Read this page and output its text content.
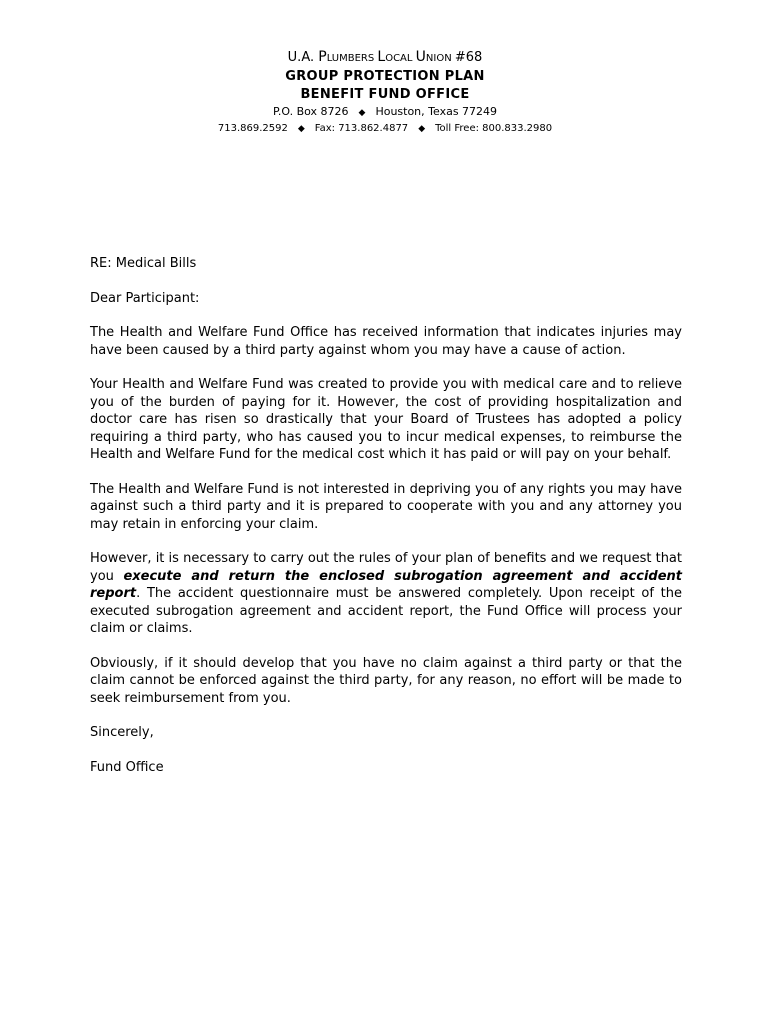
U.A. PLUMBERS LOCAL UNION #68
GROUP PROTECTION PLAN
BENEFIT FUND OFFICE
P.O. Box 8726 ◆ Houston, Texas 77249
713.869.2592 ◆ Fax: 713.862.4877 ◆ Toll Free: 800.833.2980

RE: Medical Bills

Dear Participant:

The Health and Welfare Fund Office has received information that indicates injuries may have been caused by a third party against whom you may have a cause of action.

Your Health and Welfare Fund was created to provide you with medical care and to relieve you of the burden of paying for it. However, the cost of providing hospitalization and doctor care has risen so drastically that your Board of Trustees has adopted a policy requiring a third party, who has caused you to incur medical expenses, to reimburse the Health and Welfare Fund for the medical cost which it has paid or will pay on your behalf.

The Health and Welfare Fund is not interested in depriving you of any rights you may have against such a third party and it is prepared to cooperate with you and any attorney you may retain in enforcing your claim.

However, it is necessary to carry out the rules of your plan of benefits and we request that you execute and return the enclosed subrogation agreement and accident report. The accident questionnaire must be answered completely. Upon receipt of the executed subrogation agreement and accident report, the Fund Office will process your claim or claims.

Obviously, if it should develop that you have no claim against a third party or that the claim cannot be enforced against the third party, for any reason, no effort will be made to seek reimbursement from you.

Sincerely,

Fund Office
